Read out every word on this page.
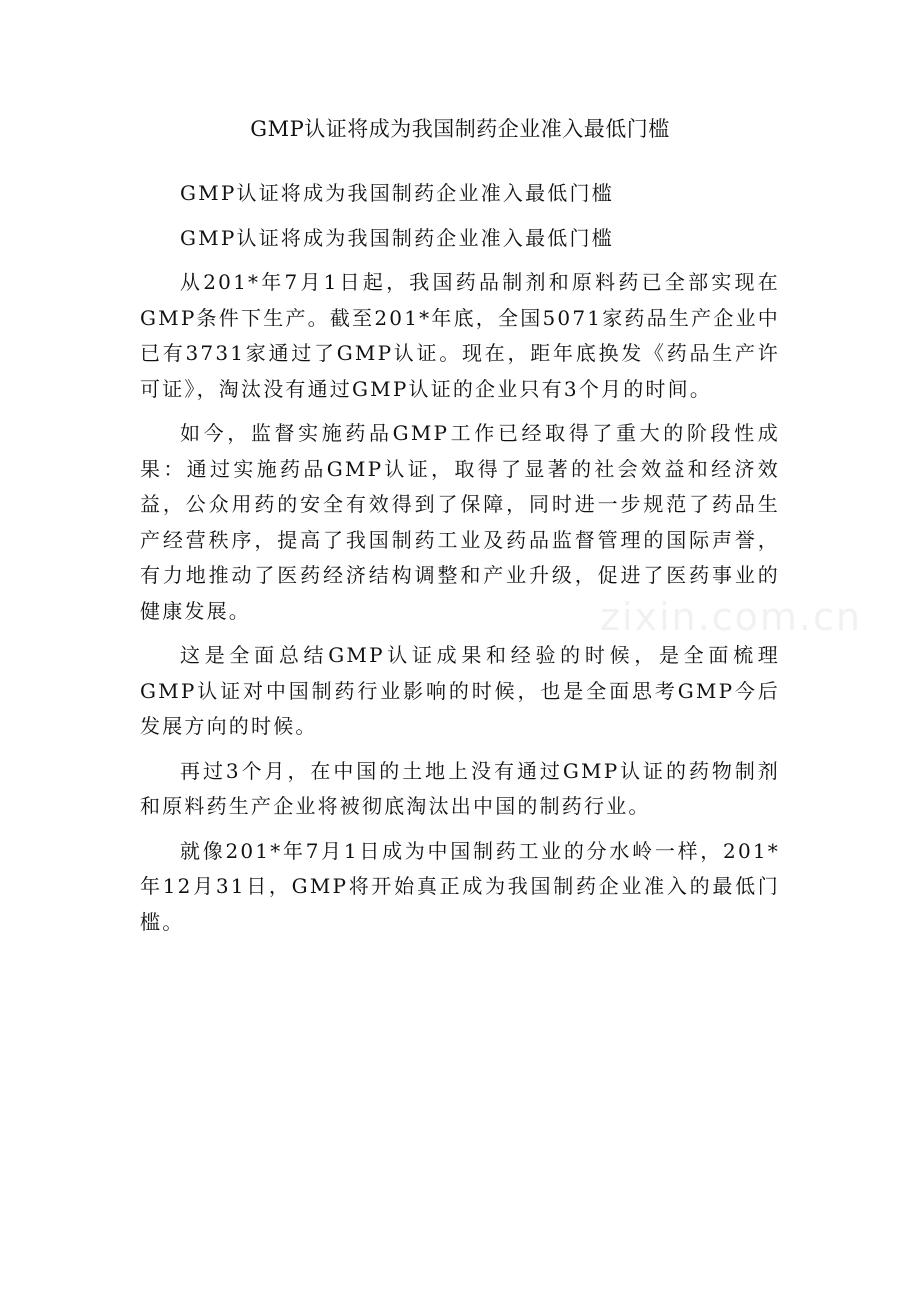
GMP认证将成为我国制药企业准入最低门槛

GMP认证将成为我国制药企业准入最低门槛

GMP认证将成为我国制药企业准入最低门槛

从201*年7月1日起，我国药品制剂和原料药已全部实现在GMP条件下生产。截至201*年底，全国5071家药品生产企业中已有3731家通过了GMP认证。现在，距年底换发《药品生产许可证》，淘汰没有通过GMP认证的企业只有3个月的时间。

如今，监督实施药品GMP工作已经取得了重大的阶段性成果：通过实施药品GMP认证，取得了显著的社会效益和经济效益，公众用药的安全有效得到了保障，同时进一步规范了药品生产经营秩序，提高了我国制药工业及药品监督管理的国际声誉，有力地推动了医药经济结构调整和产业升级，促进了医药事业的健康发展。

这是全面总结GMP认证成果和经验的时候，是全面梳理GMP认证对中国制药行业影响的时候，也是全面思考GMP今后发展方向的时候。

再过3个月，在中国的土地上没有通过GMP认证的药物制剂和原料药生产企业将被彻底淘汰出中国的制药行业。

就像201*年7月1日成为中国制药工业的分水岭一样，201*年12月31日，GMP将开始真正成为我国制药企业准入的最低门槛。

zixin.com.cn
